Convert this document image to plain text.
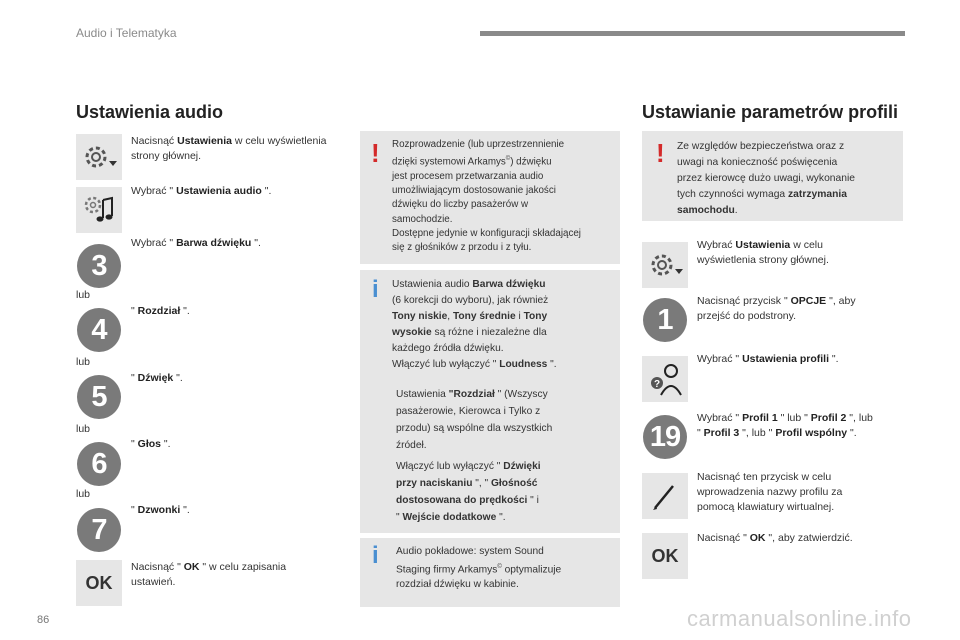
Audio i Telematyka
Ustawienia audio
Nacisnąć Ustawienia w celu wyświetlenia strony głównej.
Wybrać " Ustawienia audio ".
3
Wybrać " Barwa dźwięku ".
lub
4
" Rozdział ".
lub
5
" Dźwięk ".
lub
6
" Głos ".
lub
7
" Dzwonki ".
OK
Nacisnąć " OK " w celu zapisania ustawień.
! Rozprowadzenie (lub uprzestrzennienie
dzięki systemowi Arkamys©) dźwięku
jest procesem przetwarzania audio
umożliwiającym dostosowanie jakości
dźwięku do liczby pasażerów w
samochodzie.
Dostępne jedynie w konfiguracji składającej
się z głośników z przodu i z tyłu.
i Ustawienia audio Barwa dźwięku
(6 korekcji do wyboru), jak również
Tony niskie, Tony średnie i Tony
wysokie są różne i niezależne dla
każdego źródła dźwięku.
Włączyć lub wyłączyć " Loudness ".
Ustawienia "Rozdział " (Wszyscy
pasażerowie, Kierowca i Tylko z
przodu) są wspólne dla wszystkich
źródeł.
Włączyć lub wyłączyć " Dźwięki
przy naciskaniu ", " Głośność
dostosowana do prędkości " i
" Wejście dodatkowe ".
i Audio pokładowe: system Sound
Staging firmy Arkamys© optymalizuje
rozdział dźwięku w kabinie.
Ustawianie parametrów profili
! Ze względów bezpieczeństwa oraz z
uwagi na konieczność poświęcenia
przez kierowcę dużo uwagi, wykonanie
tych czynności wymaga zatrzymania
samochodu.
Wybrać Ustawienia w celu
wyświetlenia strony głównej.
1
Nacisnąć przycisk " OPCJE ", aby
przejść do podstrony.
?
Wybrać " Ustawienia profili ".
19
Wybrać " Profil 1 " lub " Profil 2 ", lub
" Profil 3 ", lub " Profil wspólny ".
Nacisnąć ten przycisk w celu
wprowadzenia nazwy profilu za
pomocą klawiatury wirtualnej.
OK
Nacisnąć " OK ", aby zatwierdzić.
86	carmanualsonline.info
